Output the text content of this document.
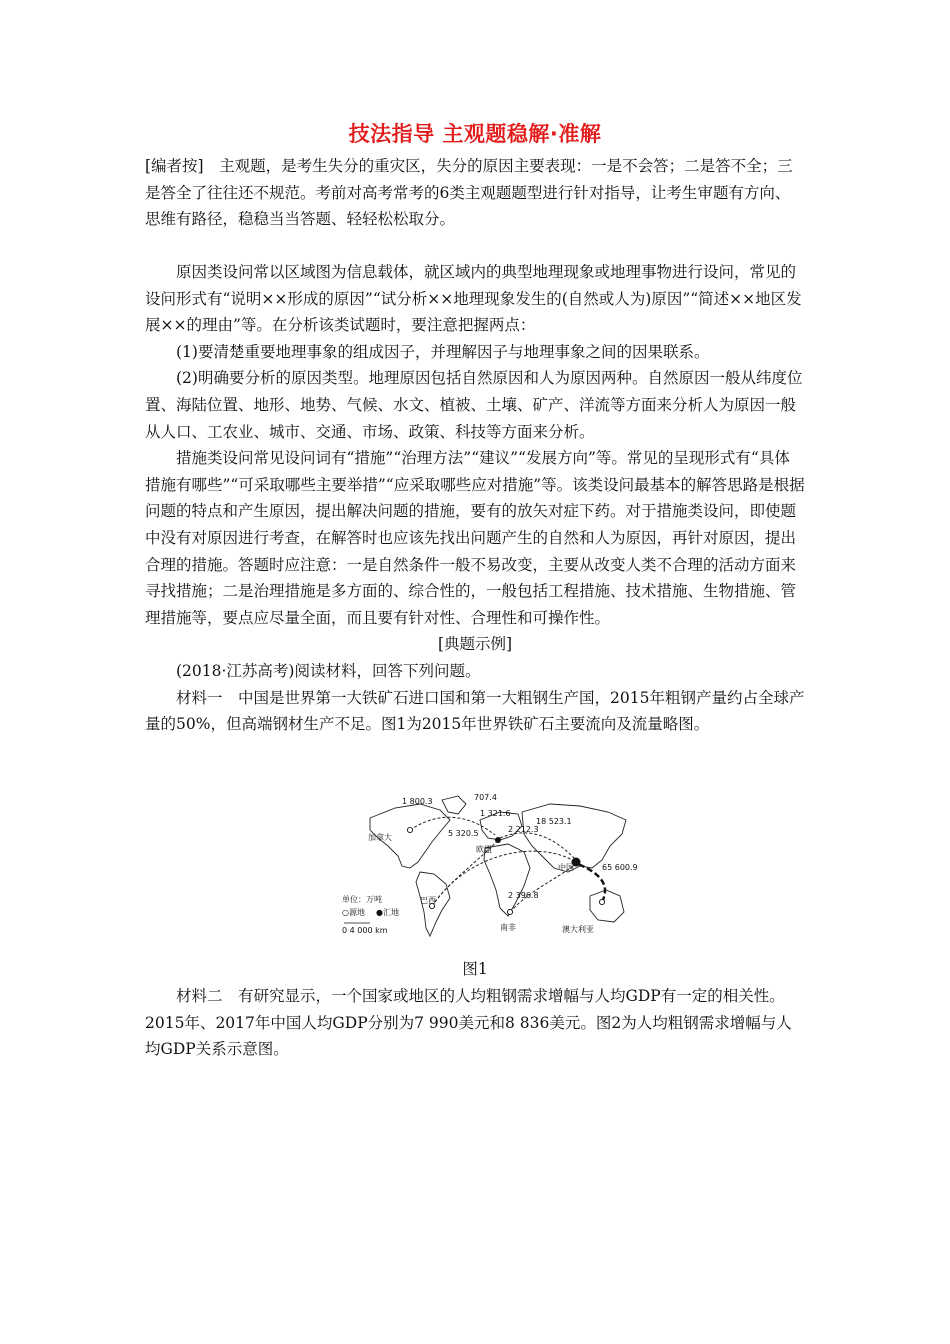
技法指导 主观题稳解·准解

[编者按]　主观题，是考生失分的重灾区，失分的原因主要表现：一是不会答；二是答不全；三是答全了往往还不规范。考前对高考常考的6类主观题题型进行针对指导，让考生审题有方向、思维有路径，稳稳当当答题、轻轻松松取分。

原因类设问常以区域图为信息载体，就区域内的典型地理现象或地理事物进行设问，常见的设问形式有“说明××形成的原因”“试分析××地理现象发生的(自然或人为)原因”“简述××地区发展××的理由”等。在分析该类试题时，要注意把握两点：

(1)要清楚重要地理事象的组成因子，并理解因子与地理事象之间的因果联系。

(2)明确要分析的原因类型。地理原因包括自然原因和人为原因两种。自然原因一般从纬度位置、海陆位置、地形、地势、气候、水文、植被、土壤、矿产、洋流等方面来分析人为原因一般从人口、工农业、城市、交通、市场、政策、科技等方面来分析。

措施类设问常见设问词有“措施”“治理方法”“建议”“发展方向”等。常见的呈现形式有“具体措施有哪些”“可采取哪些主要举措”“应采取哪些应对措施”等。该类设问最基本的解答思路是根据问题的特点和产生原因，提出解决问题的措施，要有的放矢对症下药。对于措施类设问，即使题中没有对原因进行考查，在解答时也应该先找出问题产生的自然和人为原因，再针对原因，提出合理的措施。答题时应注意：一是自然条件一般不易改变，主要从改变人类不合理的活动方面来寻找措施；二是治理措施是多方面的、综合性的，一般包括工程措施、技术措施、生物措施、管理措施等，要点应尽量全面，而且要有针对性、合理性和可操作性。

[典题示例]

(2018·江苏高考)阅读材料，回答下列问题。

材料一　中国是世界第一大铁矿石进口国和第一大粗钢生产国，2015年粗钢产量约占全球产量的50%，但高端钢材生产不足。图1为2015年世界铁矿石主要流向及流量略图。

1 800.3	707.4
1 321.6
5 320.5	2 212.3
18 523.1
65 600.9
2 396.8
加拿大
欧盟
中国
巴西
南非	澳大利亚
单位：万吨
○源地 ●汇地
0 4 000 km
图1

材料二　有研究显示，一个国家或地区的人均粗钢需求增幅与人均GDP有一定的相关性。2015年、2017年中国人均GDP分别为7 990美元和8 836美元。图2为人均粗钢需求增幅与人均GDP关系示意图。
